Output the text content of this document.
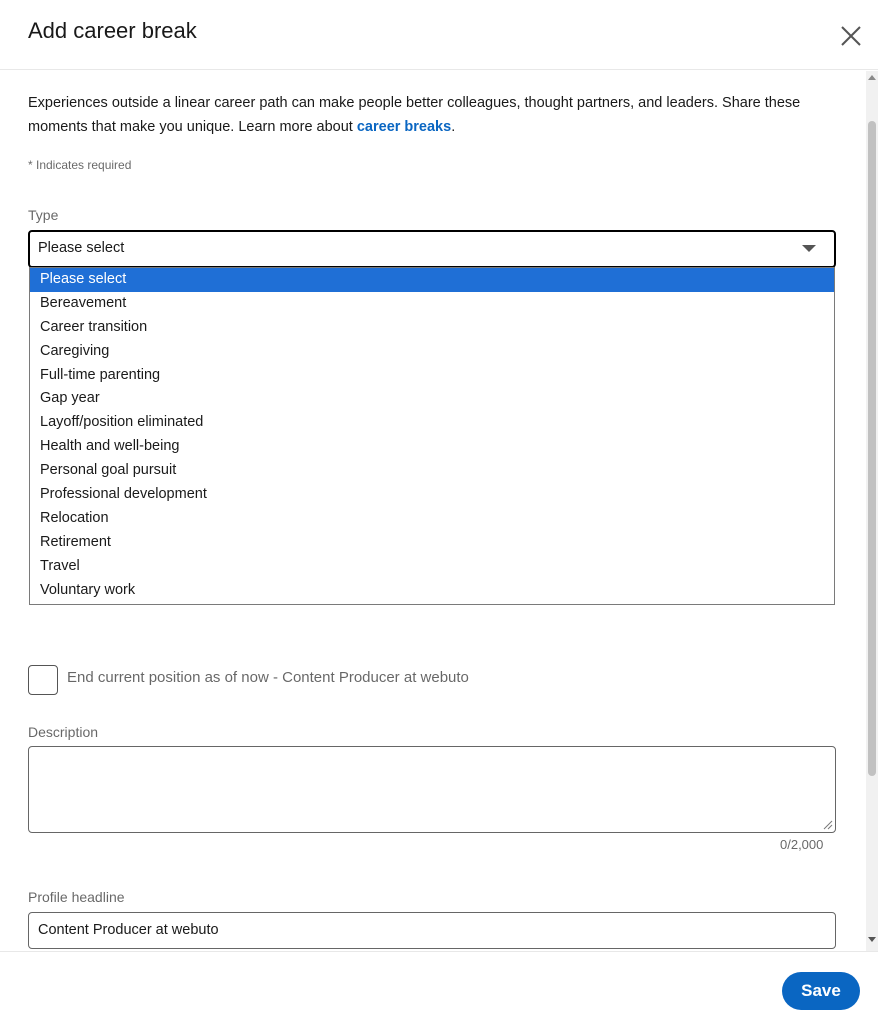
Add career break

Experiences outside a linear career path can make people better colleagues, thought partners, and leaders. Share these moments that make you unique. Learn more about career breaks.

* Indicates required
Type
Please select
Please select
Bereavement
Career transition
Caregiving
Full-time parenting
Gap year
Layoff/position eliminated
Health and well-being
Personal goal pursuit
Professional development
Relocation
Retirement
Travel
Voluntary work
End current position as of now - Content Producer at webuto
Description
0/2,000
Profile headline
Content Producer at webuto
Save
